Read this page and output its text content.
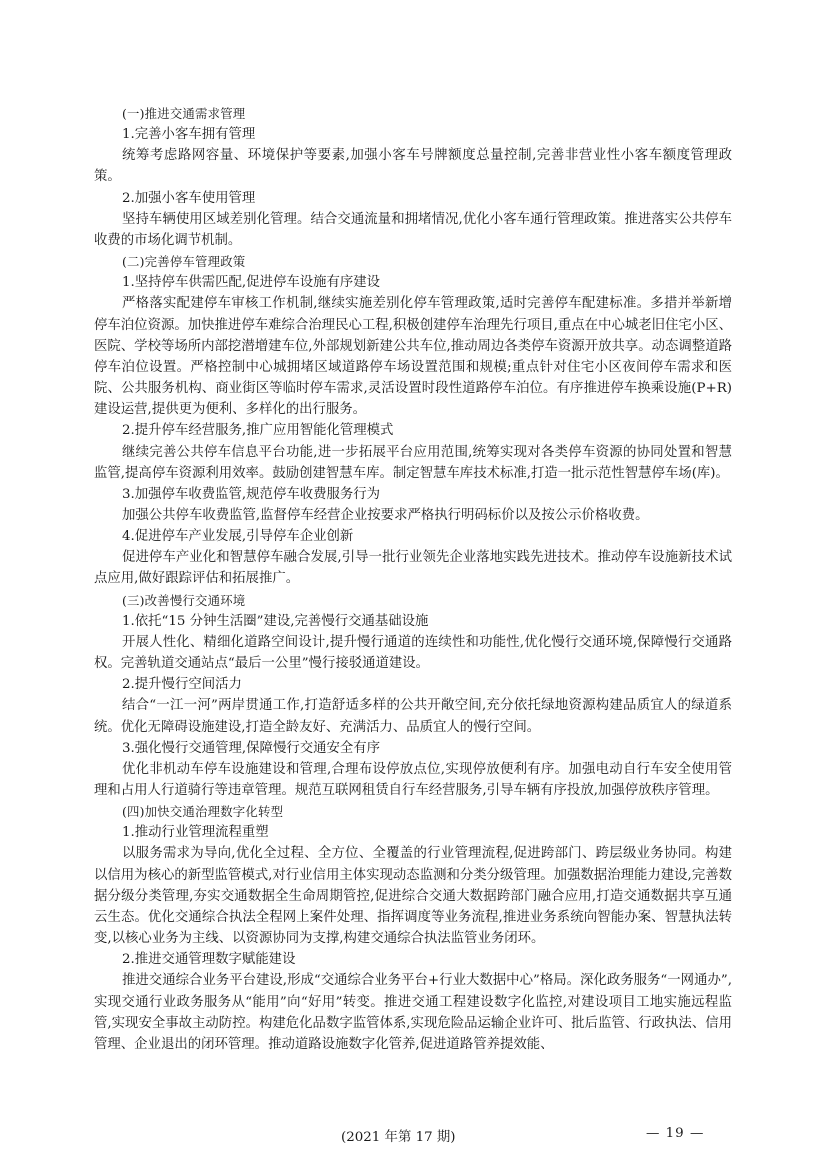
(一)推进交通需求管理

1.完善小客车拥有管理

统筹考虑路网容量、环境保护等要素,加强小客车号牌额度总量控制,完善非营业性小客车额度管理政策。

2.加强小客车使用管理

坚持车辆使用区域差别化管理。结合交通流量和拥堵情况,优化小客车通行管理政策。推进落实公共停车收费的市场化调节机制。

(二)完善停车管理政策

1.坚持停车供需匹配,促进停车设施有序建设

严格落实配建停车审核工作机制,继续实施差别化停车管理政策,适时完善停车配建标准。多措并举新增停车泊位资源。加快推进停车难综合治理民心工程,积极创建停车治理先行项目,重点在中心城老旧住宅小区、医院、学校等场所内部挖潜增建车位,外部规划新建公共车位,推动周边各类停车资源开放共享。动态调整道路停车泊位设置。严格控制中心城拥堵区域道路停车场设置范围和规模;重点针对住宅小区夜间停车需求和医院、公共服务机构、商业街区等临时停车需求,灵活设置时段性道路停车泊位。有序推进停车换乘设施(P+R)建设运营,提供更为便利、多样化的出行服务。

2.提升停车经营服务,推广应用智能化管理模式

继续完善公共停车信息平台功能,进一步拓展平台应用范围,统筹实现对各类停车资源的协同处置和智慧监管,提高停车资源利用效率。鼓励创建智慧车库。制定智慧车库技术标准,打造一批示范性智慧停车场(库)。

3.加强停车收费监管,规范停车收费服务行为

加强公共停车收费监管,监督停车经营企业按要求严格执行明码标价以及按公示价格收费。

4.促进停车产业发展,引导停车企业创新

促进停车产业化和智慧停车融合发展,引导一批行业领先企业落地实践先进技术。推动停车设施新技术试点应用,做好跟踪评估和拓展推广。

(三)改善慢行交通环境

1.依托“15 分钟生活圈”建设,完善慢行交通基础设施

开展人性化、精细化道路空间设计,提升慢行通道的连续性和功能性,优化慢行交通环境,保障慢行交通路权。完善轨道交通站点“最后一公里”慢行接驳通道建设。

2.提升慢行空间活力

结合“一江一河”两岸贯通工作,打造舒适多样的公共开敞空间,充分依托绿地资源构建品质宜人的绿道系统。优化无障碍设施建设,打造全龄友好、充满活力、品质宜人的慢行空间。

3.强化慢行交通管理,保障慢行交通安全有序

优化非机动车停车设施建设和管理,合理布设停放点位,实现停放便利有序。加强电动自行车安全使用管理和占用人行道骑行等违章管理。规范互联网租赁自行车经营服务,引导车辆有序投放,加强停放秩序管理。

(四)加快交通治理数字化转型

1.推动行业管理流程重塑

以服务需求为导向,优化全过程、全方位、全覆盖的行业管理流程,促进跨部门、跨层级业务协同。构建以信用为核心的新型监管模式,对行业信用主体实现动态监测和分类分级管理。加强数据治理能力建设,完善数据分级分类管理,夯实交通数据全生命周期管控,促进综合交通大数据跨部门融合应用,打造交通数据共享互通云生态。优化交通综合执法全程网上案件处理、指挥调度等业务流程,推进业务系统向智能办案、智慧执法转变,以核心业务为主线、以资源协同为支撑,构建交通综合执法监管业务闭环。

2.推进交通管理数字赋能建设

推进交通综合业务平台建设,形成“交通综合业务平台+行业大数据中心”格局。深化政务服务“一网通办”,实现交通行业政务服务从“能用”向“好用”转变。推进交通工程建设数字化监控,对建设项目工地实施远程监管,实现安全事故主动防控。构建危化品数字监管体系,实现危险品运输企业许可、批后监管、行政执法、信用管理、企业退出的闭环管理。推动道路设施数字化管养,促进道路管养提效能、

(2021 年第 17 期)	— 19 —
